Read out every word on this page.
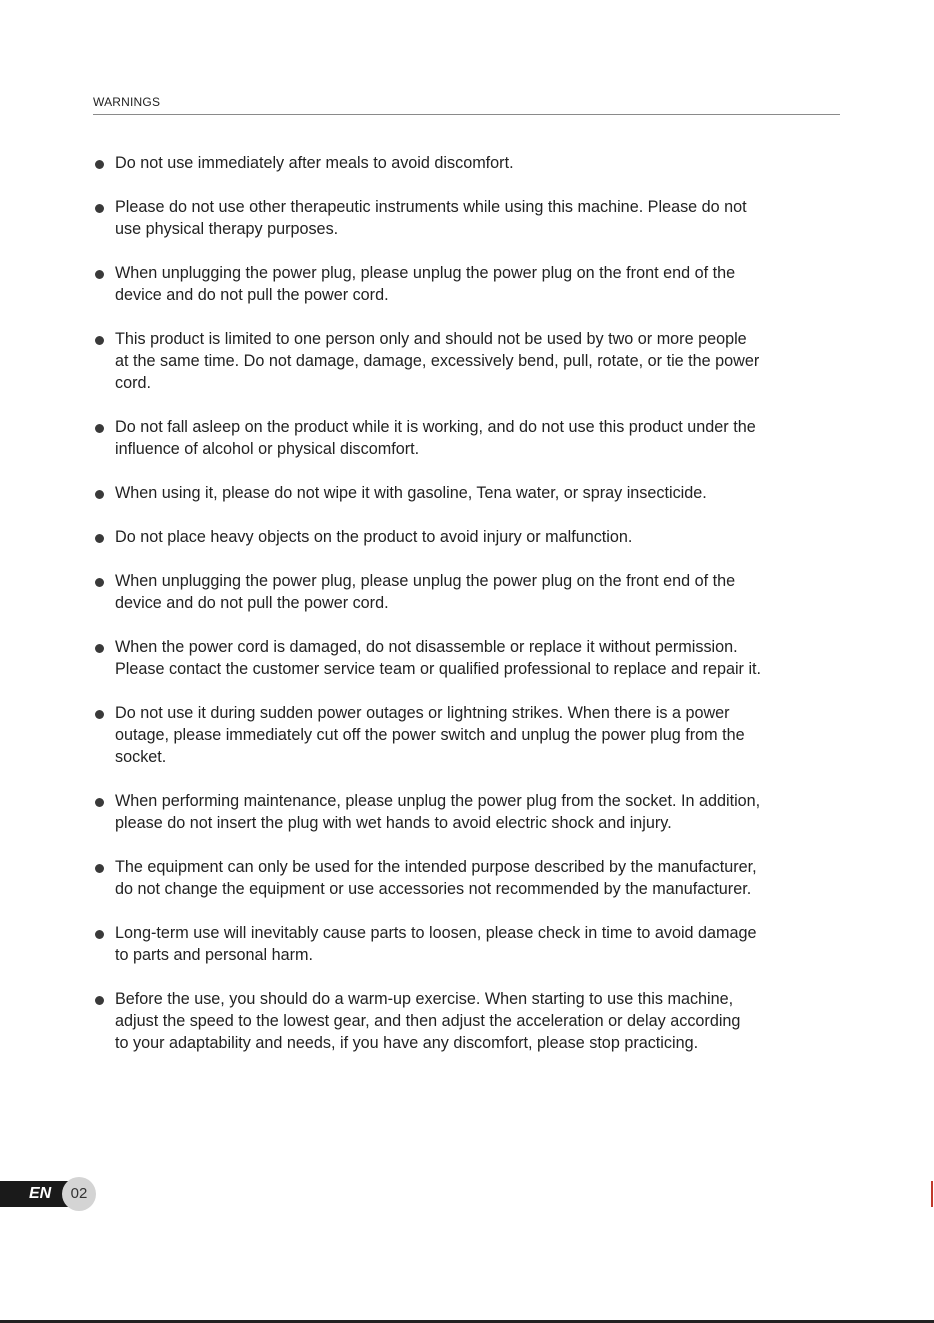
WARNINGS
Do not use immediately after meals to avoid discomfort.
Please do not use other therapeutic instruments while using this machine. Please do not
use physical therapy purposes.
When unplugging the power plug, please unplug the power plug on the front end of the
device and do not pull the power cord.
This product is limited to one person only and should not be used by two or more people
at the same time. Do not damage, damage, excessively bend, pull, rotate, or tie the power
cord.
Do not fall asleep on the product while it is working, and do not use this product under the
influence of alcohol or physical discomfort.
When using it, please do not wipe it with gasoline, Tena water, or spray insecticide.
Do not place heavy objects on the product to avoid injury or malfunction.
When unplugging the power plug, please unplug the power plug on the front end of the
device and do not pull the power cord.
When the power cord is damaged, do not disassemble or replace it without permission.
Please contact the customer service team or qualified professional to replace and repair it.
Do not use it during sudden power outages or lightning strikes. When there is a power
outage, please immediately cut off the power switch and unplug the power plug from the
socket.
When performing maintenance, please unplug the power plug from the socket. In addition,
please do not insert the plug with wet hands to avoid electric shock and injury.
The equipment can only be used for the intended purpose described by the manufacturer,
do not change the equipment or use accessories not recommended by the manufacturer.
Long-term use will inevitably cause parts to loosen, please check in time to avoid damage
to parts and personal harm.
Before the use, you should do a warm-up exercise. When starting to use this machine,
adjust the speed to the lowest gear, and then adjust the acceleration or delay according
to your adaptability and needs, if you have any discomfort, please stop practicing.
EN	02
